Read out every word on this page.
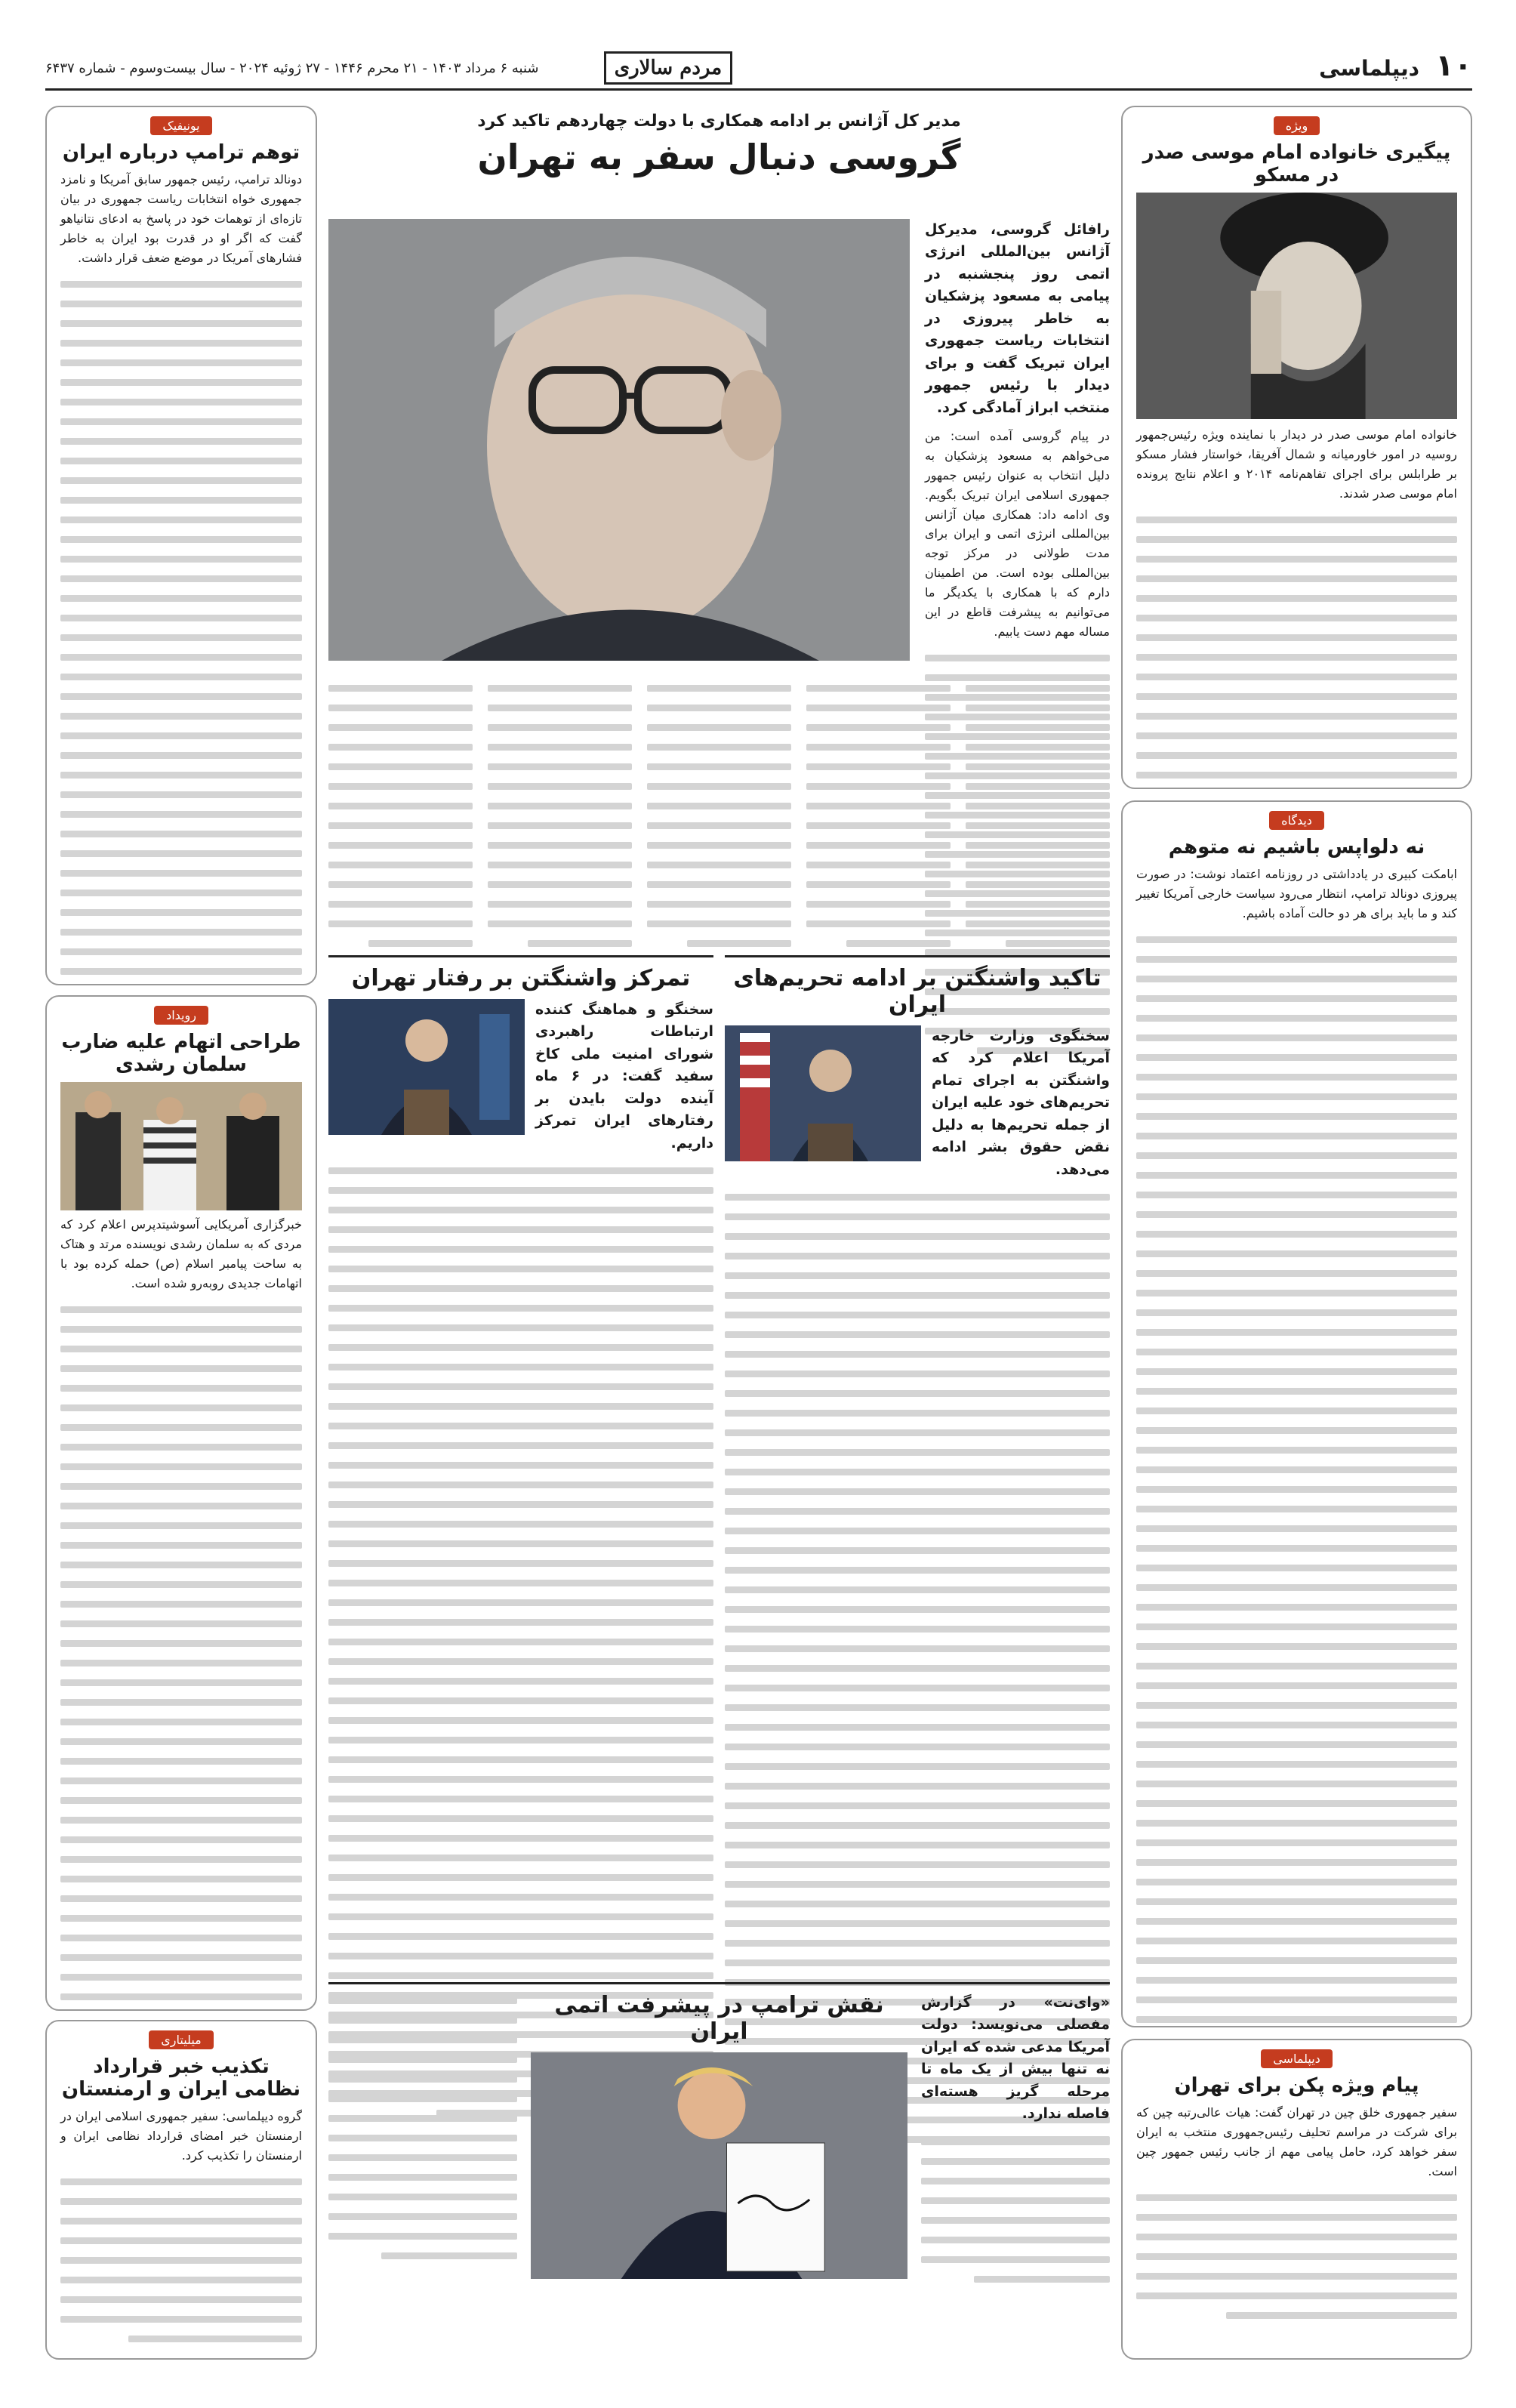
۱۰
دیپلماسی
مردم سالاری
شنبه ۶ مرداد ۱۴۰۳ - ۲۱ محرم ۱۴۴۶ - ۲۷ ژوئیه ۲۰۲۴ - سال بیست‌وسوم - شماره ۶۴۳۷
ویژه
پیگیری خانواده امام موسی صدر در مسکو
خانواده امام موسی صدر در دیدار با نماینده ویژه رئیس‌جمهور روسیه در امور خاورمیانه و شمال آفریقا، خواستار فشار مسکو بر طرابلس برای اجرای تفاهم‌نامه ۲۰۱۴ و اعلام نتایج پرونده امام موسی صدر شدند.
دیدگاه
نه دلواپس باشیم نه متوهم
ابامکت کبیری در یادداشتی در روزنامه اعتماد نوشت: در صورت پیروزی دونالد ترامپ، انتظار می‌رود سیاست خارجی آمریکا تغییر کند و ما باید برای هر دو حالت آماده باشیم.
دیپلماسی
پیام ویژه پکن برای تهران
سفیر جمهوری خلق چین در تهران گفت: هیات عالی‌رتبه چین که برای شرکت در مراسم تحلیف رئیس‌جمهوری منتخب به ایران سفر خواهد کرد، حامل پیامی مهم از جانب رئیس جمهور چین است.
یونیفیک
توهم ترامپ درباره ایران
دونالد ترامپ، رئیس جمهور سابق آمریکا و نامزد جمهوری خواه انتخابات ریاست جمهوری در بیان تازه‌ای از توهمات خود در پاسخ به ادعای نتانیاهو گفت که اگر او در قدرت بود ایران به خاطر فشارهای آمریکا در موضع ضعف قرار داشت.
رویداد
طراحی اتهام علیه ضارب سلمان رشدی
خبرگزاری آمریکایی آسوشیتدپرس اعلام کرد که مردی که به سلمان رشدی نویسنده مرتد و هتاک به ساحت پیامبر اسلام (ص) حمله کرده بود با اتهامات جدیدی روبه‌رو شده است.
میلیتاری
تکذیب خبر قرارداد نظامی ایران و ارمنستان
گروه دیپلماسی: سفیر جمهوری اسلامی ایران در ارمنستان خبر امضای قرارداد نظامی ایران و ارمنستان را تکذیب کرد.
مدیر کل آژانس بر ادامه همکاری با دولت چهاردهم تاکید کرد
گروسی دنبال سفر به تهران
رافائل گروسی، مدیرکل آژانس بین‌المللی انرژی اتمی روز پنجشنبه در پیامی به مسعود پزشکیان به خاطر پیروزی در انتخابات ریاست جمهوری ایران تبریک گفت و برای دیدار با رئیس جمهور منتخب ابراز آمادگی کرد.
در پیام گروسی آمده است: من می‌خواهم به مسعود پزشکیان به دلیل انتخاب به عنوان رئیس جمهور جمهوری اسلامی ایران تبریک بگویم. وی ادامه داد: همکاری میان آژانس بین‌المللی انرژی اتمی و ایران برای مدت طولانی در مرکز توجه بین‌المللی بوده است. من اطمینان دارم که با همکاری با یکدیگر ما می‌توانیم به پیشرفت قاطع در این مساله مهم دست یابیم.
تاکید واشنگتن بر ادامه تحریم‌های ایران
سخنگوی وزارت خارجه آمریکا اعلام کرد که واشنگتن به اجرای تمام تحریم‌های خود علیه ایران از جمله تحریم‌ها به دلیل نقض حقوق بشر ادامه می‌دهد.
تمرکز واشنگتن بر رفتار تهران
سخنگو و هماهنگ کننده ارتباطات راهبردی شورای امنیت ملی کاخ سفید گفت: در ۶ ماه آینده دولت بایدن بر رفتارهای ایران تمرکز داریم.
«وای‌نت» در گزارش مفصلی می‌نویسد: دولت آمریکا مدعی شده که ایران نه تنها بیش از یک ماه تا مرحله گریز هسته‌ای فاصله ندارد.
نقش ترامپ در پیشرفت اتمی ایران
